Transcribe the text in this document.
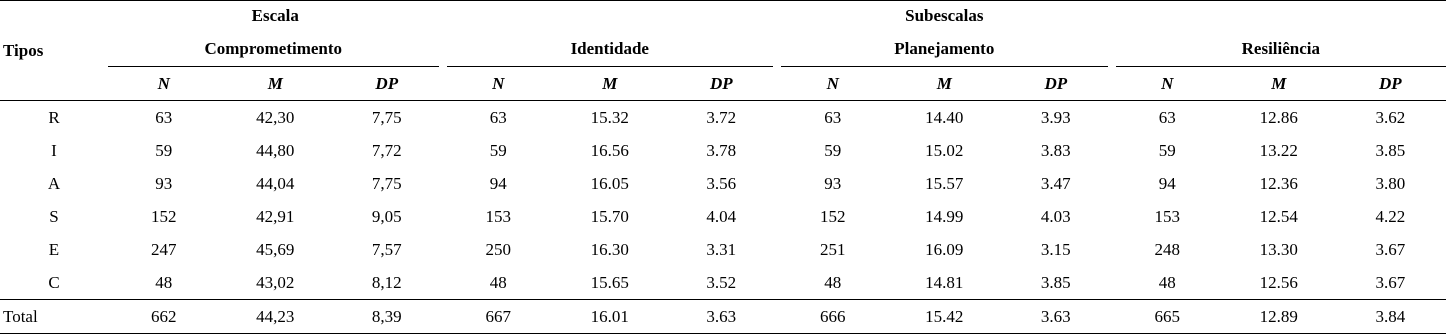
Tipos	Escala			Subescalas								
	Comprometimento			Identidade			Planejamento			Resiliência		
	N	M	DP	N	M	DP	N	M	DP	N	M	DP
R	63	42,30	7,75	63	15.32	3.72	63	14.40	3.93	63	12.86	3.62
I	59	44,80	7,72	59	16.56	3.78	59	15.02	3.83	59	13.22	3.85
A	93	44,04	7,75	94	16.05	3.56	93	15.57	3.47	94	12.36	3.80
S	152	42,91	9,05	153	15.70	4.04	152	14.99	4.03	153	12.54	4.22
E	247	45,69	7,57	250	16.30	3.31	251	16.09	3.15	248	13.30	3.67
C	48	43,02	8,12	48	15.65	3.52	48	14.81	3.85	48	12.56	3.67
Total	662	44,23	8,39	667	16.01	3.63	666	15.42	3.63	665	12.89	3.84
